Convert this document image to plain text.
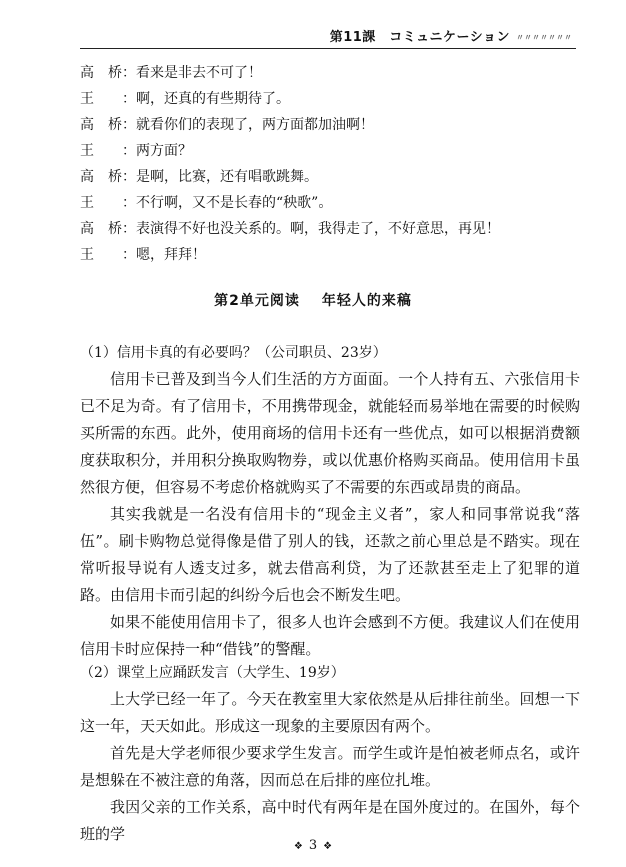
第11課　コミュニケーション 〃〃〃〃〃〃〃
高　桥 ： 看来是非去不可了！
王	： 啊，还真的有些期待了。
高　桥 ： 就看你们的表现了，两方面都加油啊！
王	： 两方面？
高　桥 ： 是啊，比赛，还有唱歌跳舞。
王	： 不行啊，又不是长春的“秧歌”。
高　桥 ： 表演得不好也没关系的。啊，我得走了，不好意思，再见！
王	： 嗯，拜拜！
第2单元阅读 年轻人的来稿
（1）信用卡真的有必要吗？（公司职员、23岁）

信用卡已普及到当今人们生活的方方面面。一个人持有五、六张信用卡已不足为奇。有了信用卡，不用携带现金，就能轻而易举地在需要的时候购买所需的东西。此外，使用商场的信用卡还有一些优点，如可以根据消费额度获取积分，并用积分换取购物券，或以优惠价格购买商品。使用信用卡虽然很方便，但容易不考虑价格就购买了不需要的东西或昂贵的商品。

其实我就是一名没有信用卡的“现金主义者”，家人和同事常说我“落伍”。刷卡购物总觉得像是借了别人的钱，还款之前心里总是不踏实。现在常听报导说有人透支过多，就去借高利贷，为了还款甚至走上了犯罪的道路。由信用卡而引起的纠纷今后也会不断发生吧。

如果不能使用信用卡了，很多人也许会感到不方便。我建议人们在使用信用卡时应保持一种“借钱”的警醒。

（2）课堂上应踊跃发言（大学生、19岁）

上大学已经一年了。今天在教室里大家依然是从后排往前坐。回想一下这一年，天天如此。形成这一现象的主要原因有两个。

首先是大学老师很少要求学生发言。而学生或许是怕被老师点名，或许是想躲在不被注意的角落，因而总在后排的座位扎堆。

我因父亲的工作关系，高中时代有两年是在国外度过的。在国外，每个班的学

❖ 3 ❖
